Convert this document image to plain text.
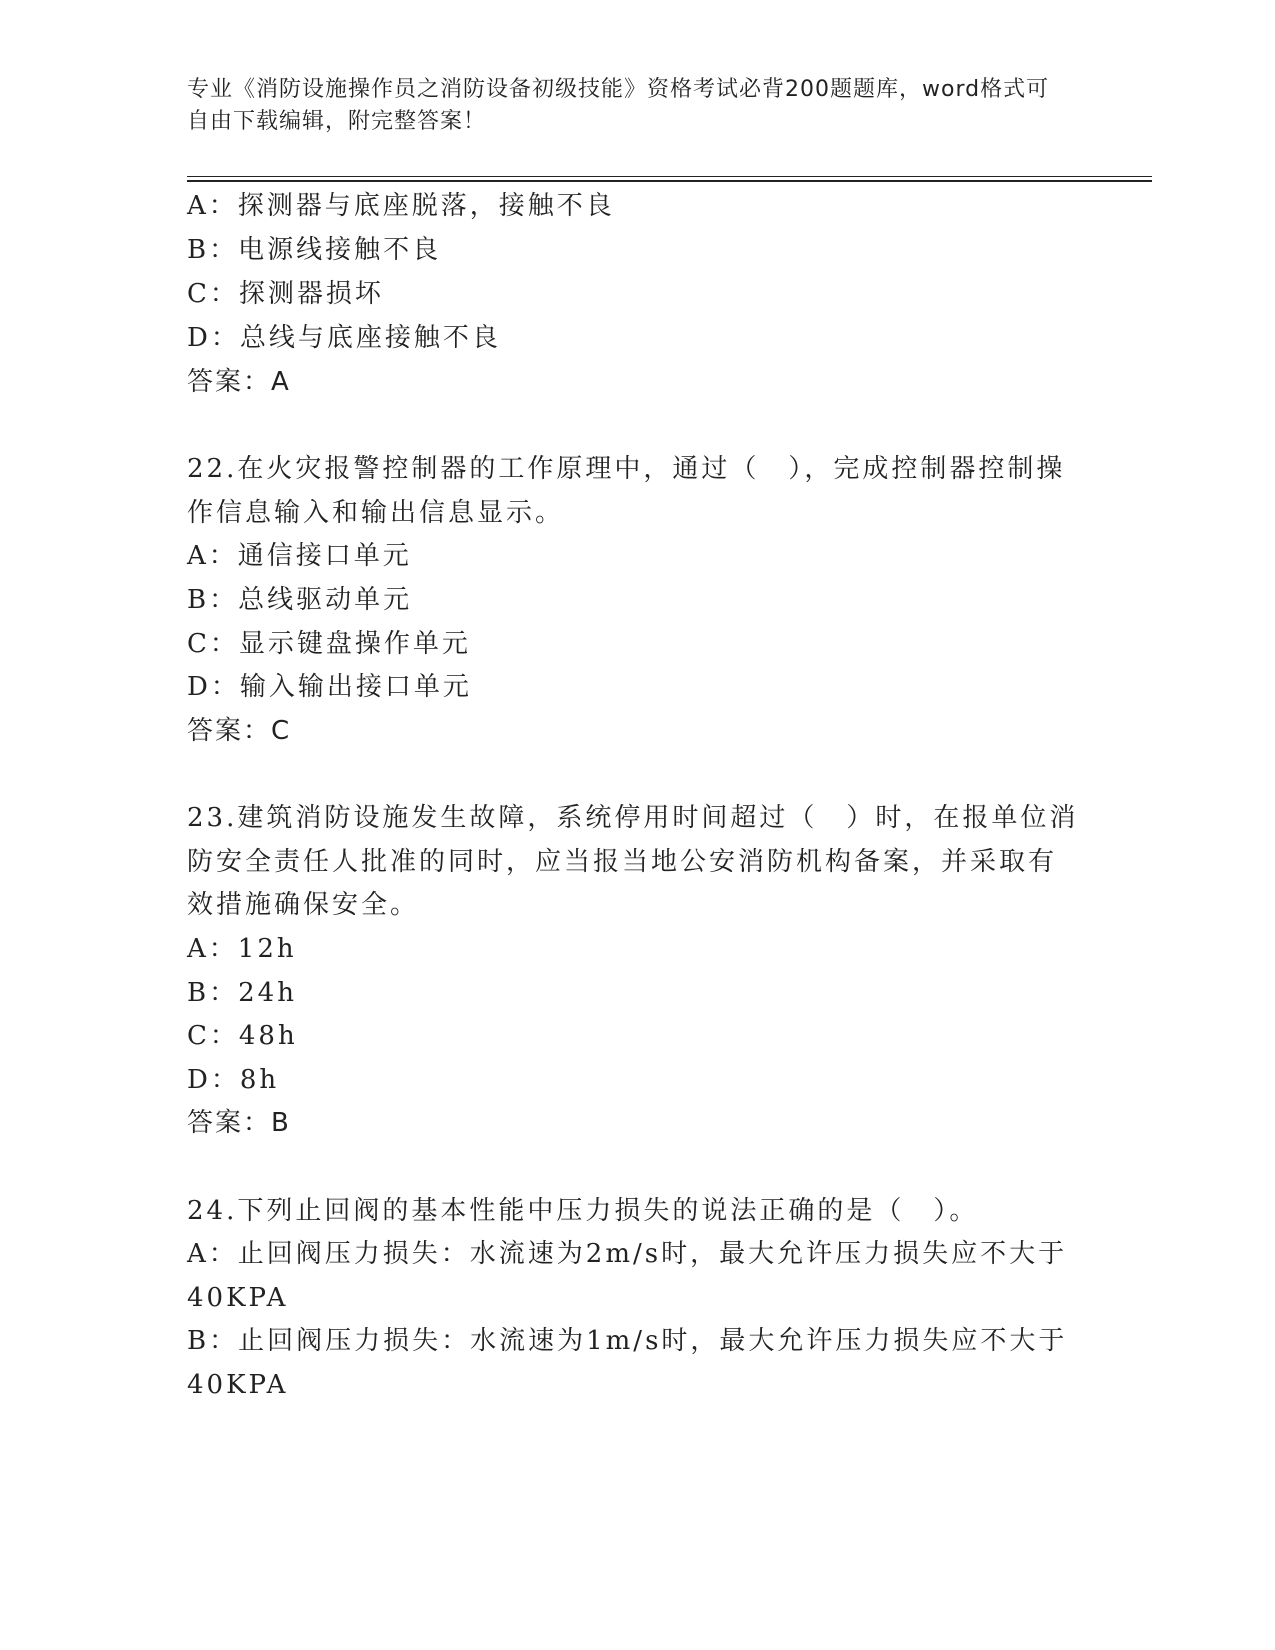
专业《消防设施操作员之消防设备初级技能》资格考试必背200题题库，word格式可自由下载编辑，附完整答案！
A：探测器与底座脱落，接触不良
B：电源线接触不良
C：探测器损坏
D：总线与底座接触不良
答案：A
22.在火灾报警控制器的工作原理中，通过（　），完成控制器控制操
作信息输入和输出信息显示。
A：通信接口单元
B：总线驱动单元
C：显示键盘操作单元
D：输入输出接口单元
答案：C
23.建筑消防设施发生故障，系统停用时间超过（　）时，在报单位消
防安全责任人批准的同时，应当报当地公安消防机构备案，并采取有
效措施确保安全。
A：12h
B：24h
C：48h
D：8h
答案：B
24.下列止回阀的基本性能中压力损失的说法正确的是（　）。
A：止回阀压力损失：水流速为2m/s时，最大允许压力损失应不大于
40KPA
B：止回阀压力损失：水流速为1m/s时，最大允许压力损失应不大于
40KPA
